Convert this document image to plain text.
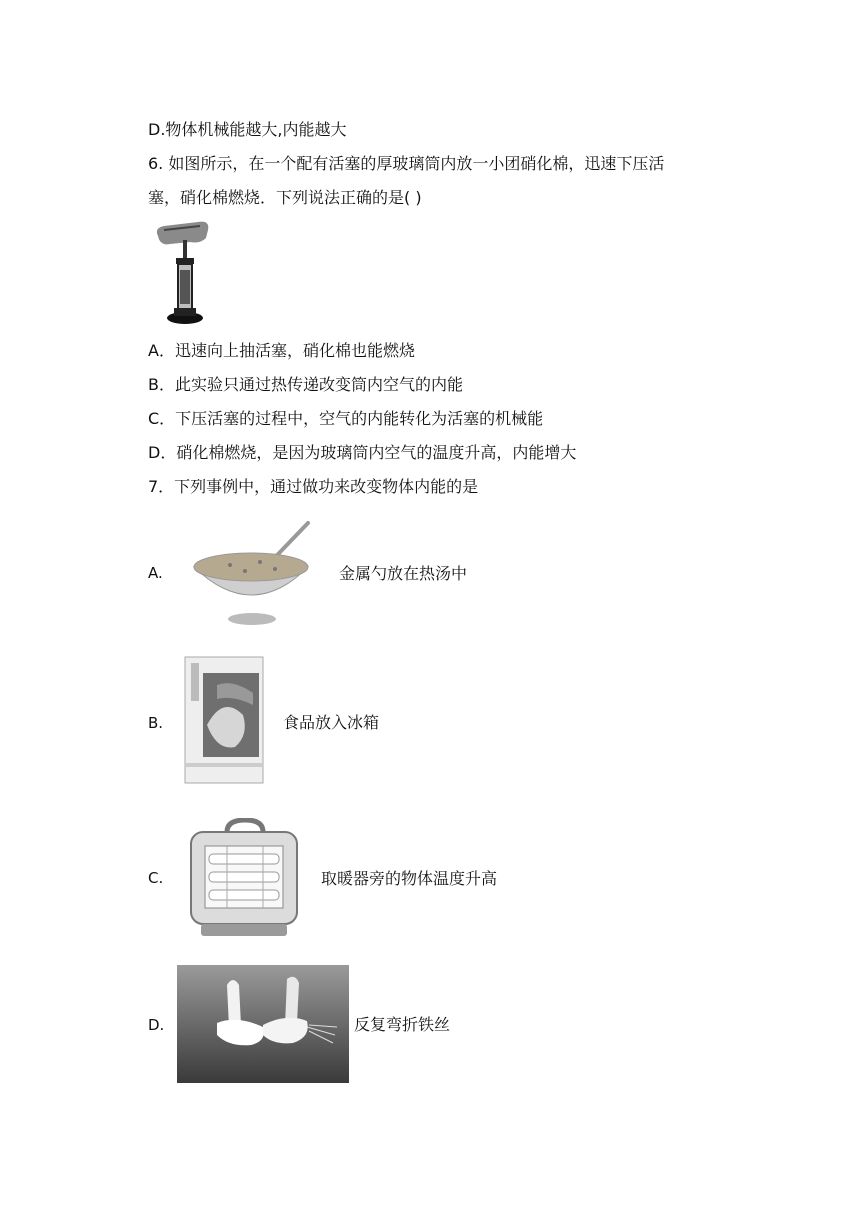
D.物体机械能越大,内能越大
6. 如图所示，在一个配有活塞的厚玻璃筒内放一小团硝化棉，迅速下压活
塞，硝化棉燃烧．下列说法正确的是( )
A．迅速向上抽活塞，硝化棉也能燃烧
B．此实验只通过热传递改变筒内空气的内能
C．下压活塞的过程中，空气的内能转化为活塞的机械能
D．硝化棉燃烧，是因为玻璃筒内空气的温度升高，内能增大
7．下列事例中，通过做功来改变物体内能的是
A.	金属勺放在热汤中
B.	食品放入冰箱
C.	取暖器旁的物体温度升高
D.	反复弯折铁丝
